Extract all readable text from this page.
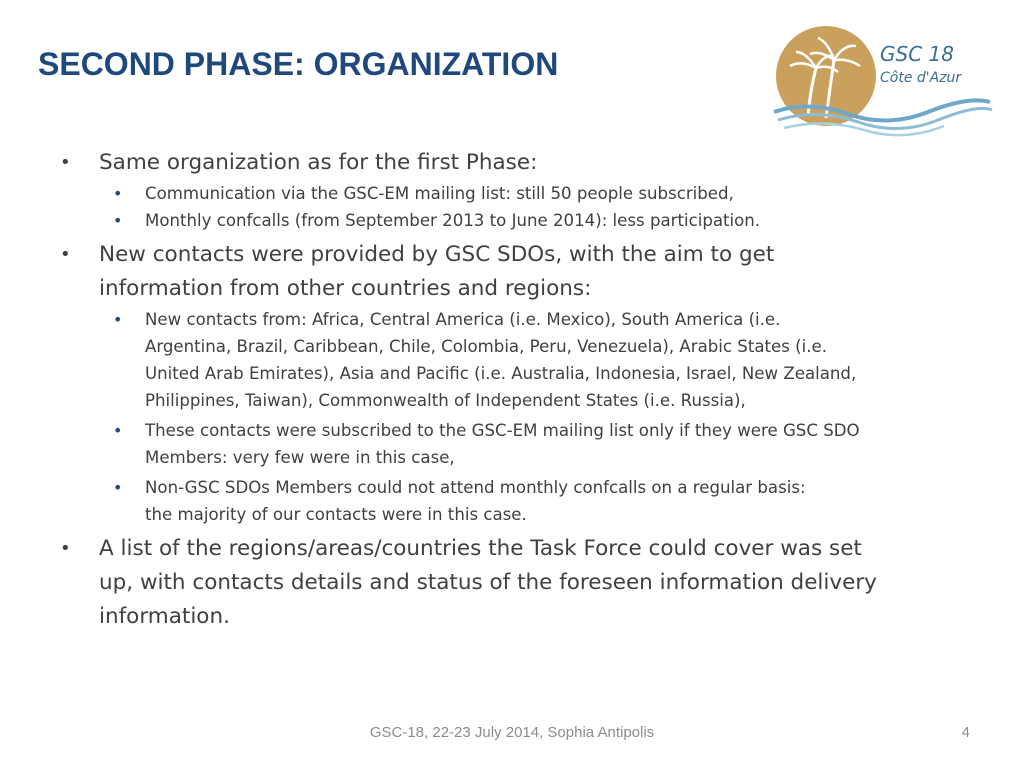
SECOND PHASE: ORGANIZATION	GSC 18
Côte d'Azur
• Same organization as for the first Phase:
• Communication via the GSC-EM mailing list: still 50 people subscribed,
• Monthly confcalls (from September 2013 to June 2014): less participation.
• New contacts were provided by GSC SDOs, with the aim to get
information from other countries and regions:
• New contacts from: Africa, Central America (i.e. Mexico), South America (i.e.
Argentina, Brazil, Caribbean, Chile, Colombia, Peru, Venezuela), Arabic States (i.e.
United Arab Emirates), Asia and Pacific (i.e. Australia, Indonesia, Israel, New Zealand,
Philippines, Taiwan), Commonwealth of Independent States (i.e. Russia),
• These contacts were subscribed to the GSC-EM mailing list only if they were GSC SDO
Members: very few were in this case,
• Non-GSC SDOs Members could not attend monthly confcalls on a regular basis:
the majority of our contacts were in this case.
• A list of the regions/areas/countries the Task Force could cover was set
up, with contacts details and status of the foreseen information delivery
information.
GSC-18, 22-23 July 2014, Sophia Antipolis	4
